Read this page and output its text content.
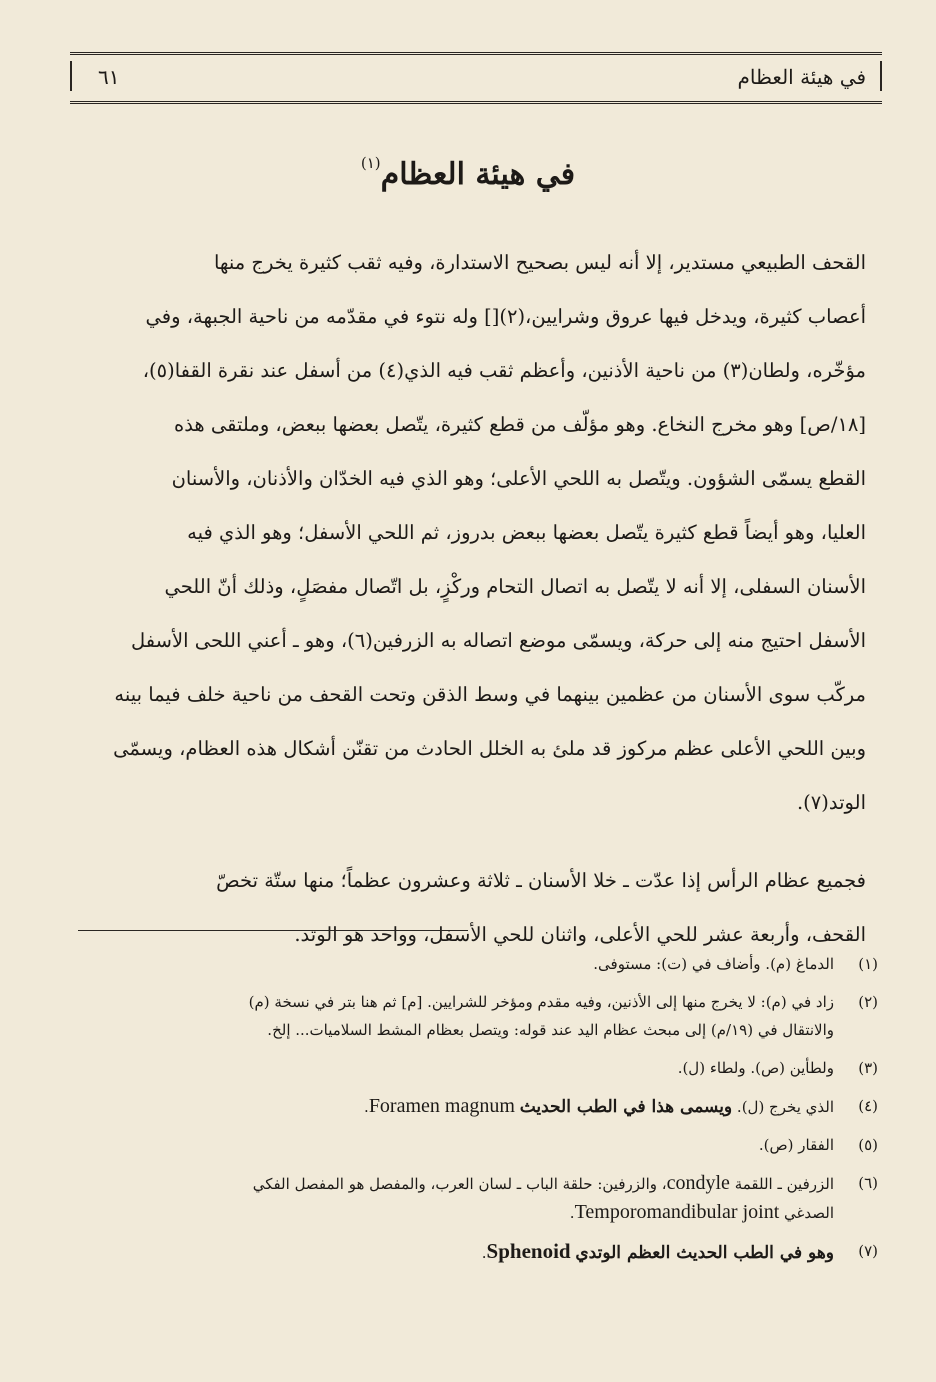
في هيئة العظام
٦١
في هيئة العظام$^{(١)}$

القحف الطبيعي مستدير، إلا أنه ليس بصحيح الاستدارة، وفيه ثقب كثيرة يخرج منها

أعصاب كثيرة، ويدخل فيها عروق وشرايين،(٢)[] وله نتوء في مقدّمه من ناحية الجبهة، وفي

مؤخّره، ولطان(٣) من ناحية الأذنين، وأعظم ثقب فيه الذي(٤) من أسفل عند نقرة القفا(٥)،

[١٨/ص] وهو مخرج النخاع. وهو مؤلّف من قطع كثيرة، يتّصل بعضها ببعض، وملتقى هذه

القطع يسمّى الشؤون. ويتّصل به اللحي الأعلى؛ وهو الذي فيه الخدّان والأذنان، والأسنان

العليا، وهو أيضاً قطع كثيرة يتّصل بعضها ببعض بدروز، ثم اللحي الأسفل؛ وهو الذي فيه

الأسنان السفلى، إلا أنه لا يتّصل به اتصال التحام وركْزٍ، بل اتّصال مفصَلٍ، وذلك أنّ اللحي

الأسفل احتيج منه إلى حركة، ويسمّى موضع اتصاله به الزرفين(٦)، وهو ـ أعني اللحى الأسفل

مركّب سوى الأسنان من عظمين بينهما في وسط الذقن وتحت القحف من ناحية خلف فيما بينه

وبين اللحي الأعلى عظم مركوز قد ملئ به الخلل الحادث من تقنّن أشكال هذه العظام، ويسمّى

الوتد(٧).

فجميع عظام الرأس إذا عدّت ـ خلا الأسنان ـ ثلاثة وعشرون عظماً؛ منها ستّة تخصّ

القحف، وأربعة عشر للحي الأعلى، واثنان للحي الأسفل، وواحد هو الوتد.

(١)
الدماغ (م). وأضاف في (ت): مستوفى.
(٢)
زاد في (م): لا يخرج منها إلى الأذنين، وفيه مقدم ومؤخر للشرايين. [م] ثم هنا بتر في نسخة (م)
والانتقال في (١٩/م) إلى مبحث عظام اليد عند قوله: ويتصل بعظام المشط السلاميات... إلخ.
(٣)
ولطأين (ص). ولطاء (ل).
(٤)
الذي يخرج (ل). ويسمى هذا في الطب الحديث Foramen magnum.
(٥)
الفقار (ص).
(٦)
الزرفين ـ اللقمة condyle، والزرفين: حلقة الباب ـ لسان العرب، والمفصل هو المفصل الفكي
الصدغي Temporomandibular joint.
(٧)
وهو في الطب الحديث العظم الوتدي Sphenoid.
